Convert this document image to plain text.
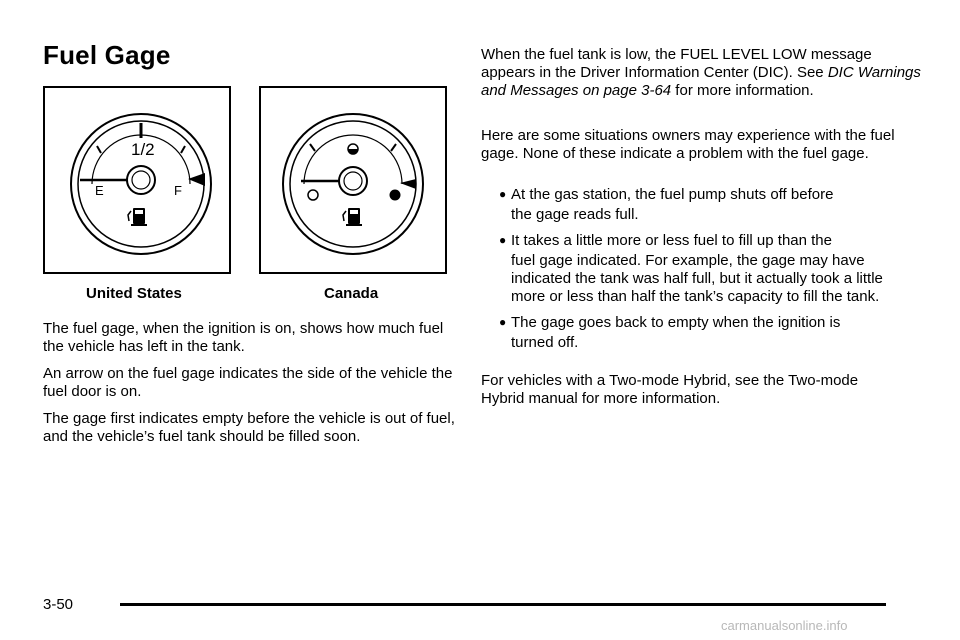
Fuel Gage
1/2
E	F
United States	Canada

The fuel gage, when the ignition is on, shows how much fuel the vehicle has left in the tank.

An arrow on the fuel gage indicates the side of the vehicle the fuel door is on.

The gage first indicates empty before the vehicle is out of fuel, and the vehicle’s fuel tank should be filled soon.

When the fuel tank is low, the FUEL LEVEL LOW message appears in the Driver Information Center (DIC). See DIC Warnings and Messages on page 3-64 for more information.

Here are some situations owners may experience with the fuel gage. None of these indicate a problem with the fuel gage.

● At the gas station, the fuel pump shuts off before
the gage reads full.
● It takes a little more or less fuel to fill up than the
fuel gage indicated. For example, the gage may have indicated the tank was half full, but it actually took a little more or less than half the tank’s capacity to fill the tank.
● The gage goes back to empty when the ignition is
turned off.

For vehicles with a Two-mode Hybrid, see the Two-mode Hybrid manual for more information.

3-50
carmanualsonline.info
